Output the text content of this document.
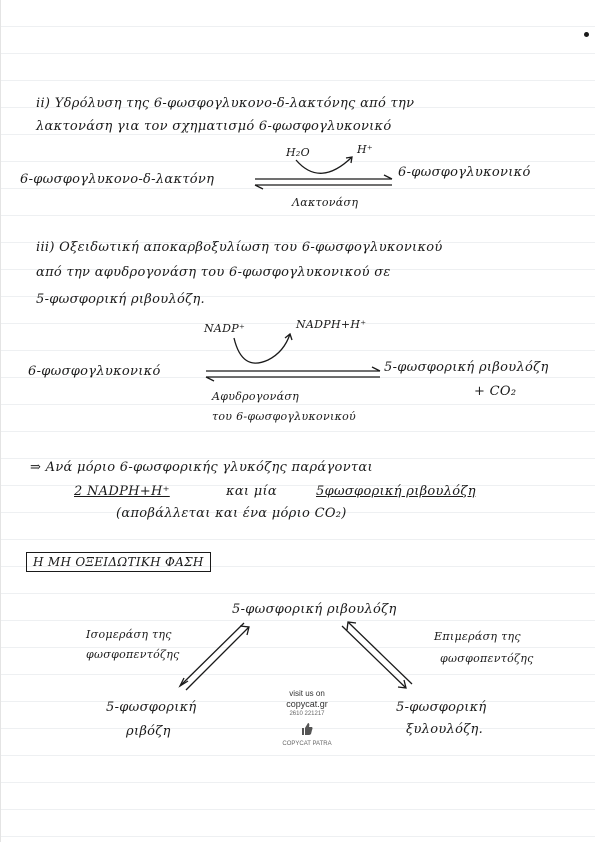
ii) Υδρόλυση της 6-φωσφογλυκονο-δ-λακτόνης από την
λακτονάση για τον σχηματισμό 6-φωσφογλυκονικό
H₂O	H⁺
6-φωσφογλυκονο-δ-λακτόνη	6-φωσφογλυκονικό
Λακτονάση
iii) Οξειδωτική αποκαρβοξυλίωση του 6-φωσφογλυκονικού
από την αφυδρογονάση του 6-φωσφογλυκονικού σε
5-φωσφορική ριβουλόζη.
NADP⁺	NADPH+H⁺
6-φωσφογλυκονικό	5-φωσφορική ριβουλόζη
+ CO₂
Αφυδρογονάση
του 6-φωσφογλυκονικού
⇒ Ανά μόριο 6-φωσφορικής γλυκόζης παράγονται
2 NADPH+H⁺	και μία	5φωσφορική ριβουλόζη
(αποβάλλεται και ένα μόριο CO₂)
Η ΜΗ ΟΞΕΙΔΩΤΙΚΗ ΦΑΣΗ
5-φωσφορική ριβουλόζη
Ισομεράση της
φωσφοπεντόζης
Επιμεράση της
φωσφοπεντόζης
5-φωσφορική
ριβόζη
5-φωσφορική
ξυλουλόζη.
visit us on
copycat.gr
2610 221217
COPYCAT PATRA
